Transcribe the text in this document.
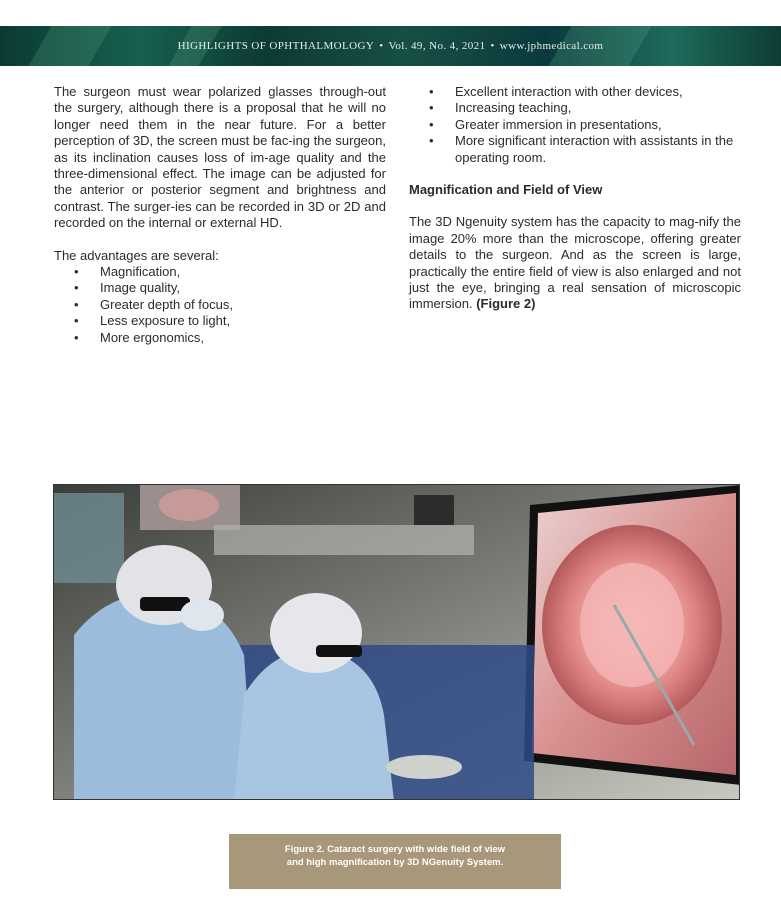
HIGHLIGHTS OF OPHTHALMOLOGY • Vol. 49, No. 4, 2021 • www.jphmedical.com

The surgeon must wear polarized glasses through-out the surgery, although there is a proposal that he will no longer need them in the near future. For a better perception of 3D, the screen must be fac-ing the surgeon, as its inclination causes loss of im-age quality and the three-dimensional effect. The image can be adjusted for the anterior or posterior segment and brightness and contrast. The surger-ies can be recorded in 3D or 2D and recorded on the internal or external HD.

The advantages are several:

• Magnification,
• Image quality,
• Greater depth of focus,
• Less exposure to light,
• More ergonomics,
• Excellent interaction with other devices,
• Increasing teaching,
• Greater immersion in presentations,
• More significant interaction with assistants in the operating room.
Magnification and Field of View

The 3D Ngenuity system has the capacity to mag-nify the image 20% more than the microscope, offering greater details to the surgeon. And as the screen is large, practically the entire field of view is also enlarged and not just the eye, bringing a real sensation of microscopic immersion. (Figure 2)

Figure 2. Cataract surgery with wide field of view
and high magnification by 3D NGenuity System.
